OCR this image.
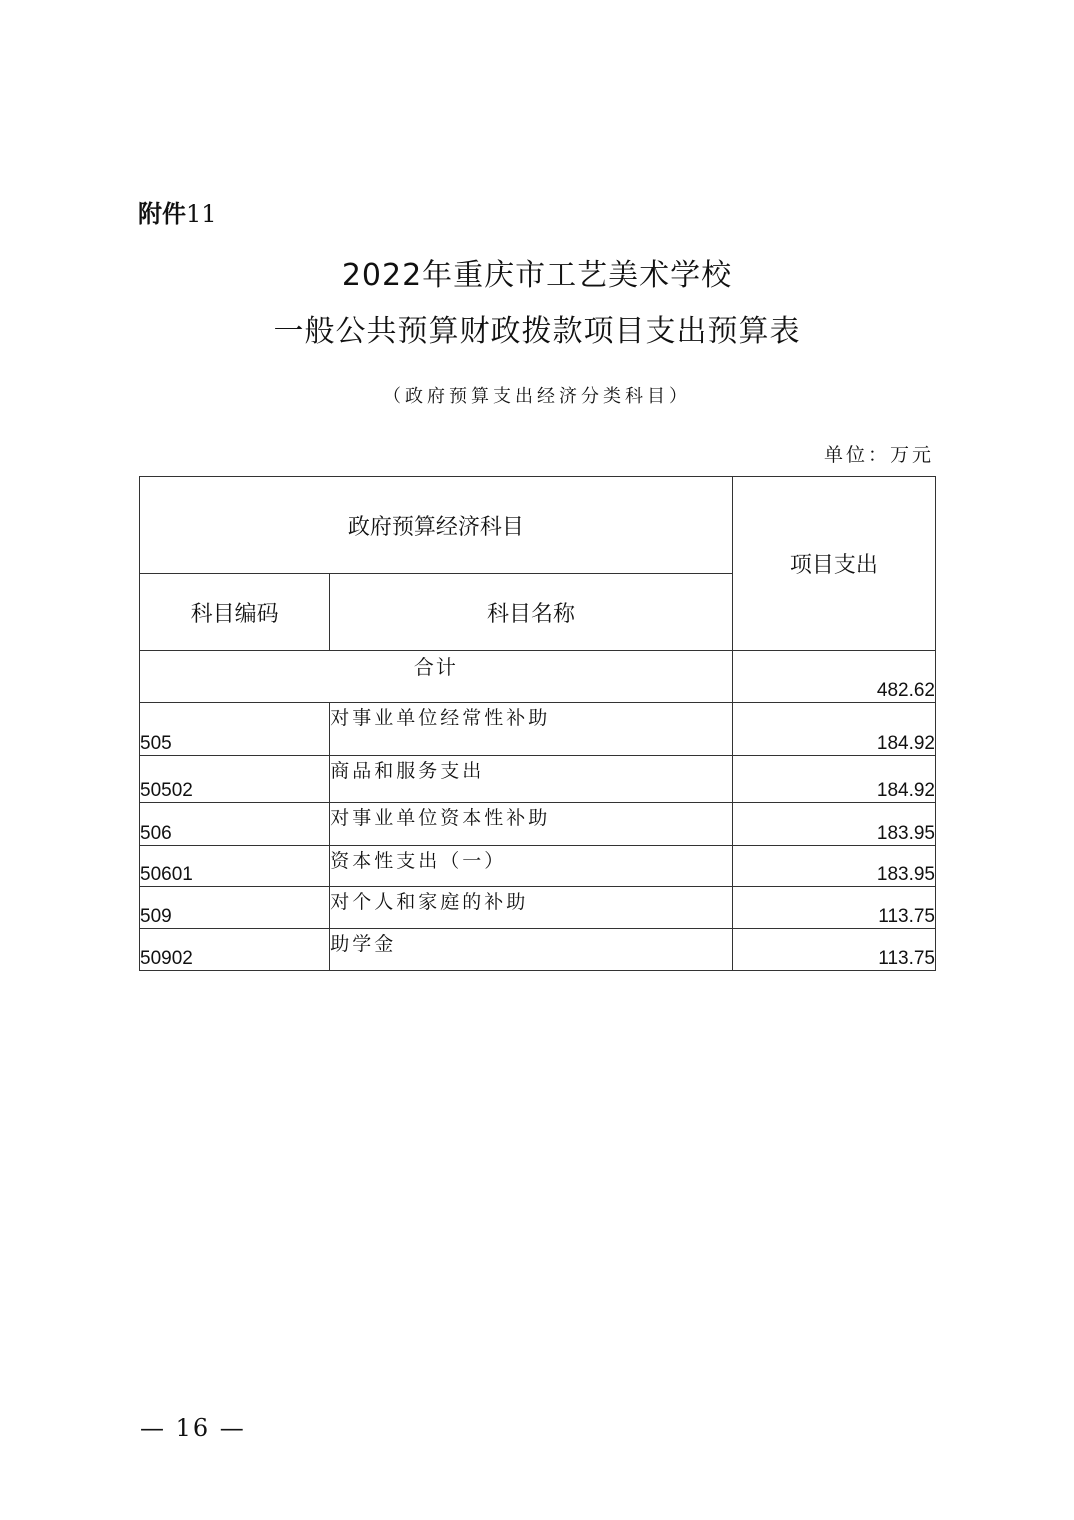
附件11
2022年重庆市工艺美术学校
一般公共预算财政拨款项目支出预算表
（政府预算支出经济分类科目）
单位：万元
政府预算经济科目		项目支出
科目编码	科目名称	
合计		482.62
505	对事业单位经常性补助	184.92
50502	商品和服务支出	184.92
506	对事业单位资本性补助	183.95
50601	资本性支出（一）	183.95
509	对个人和家庭的补助	113.75
50902	助学金	113.75
— 16 —
